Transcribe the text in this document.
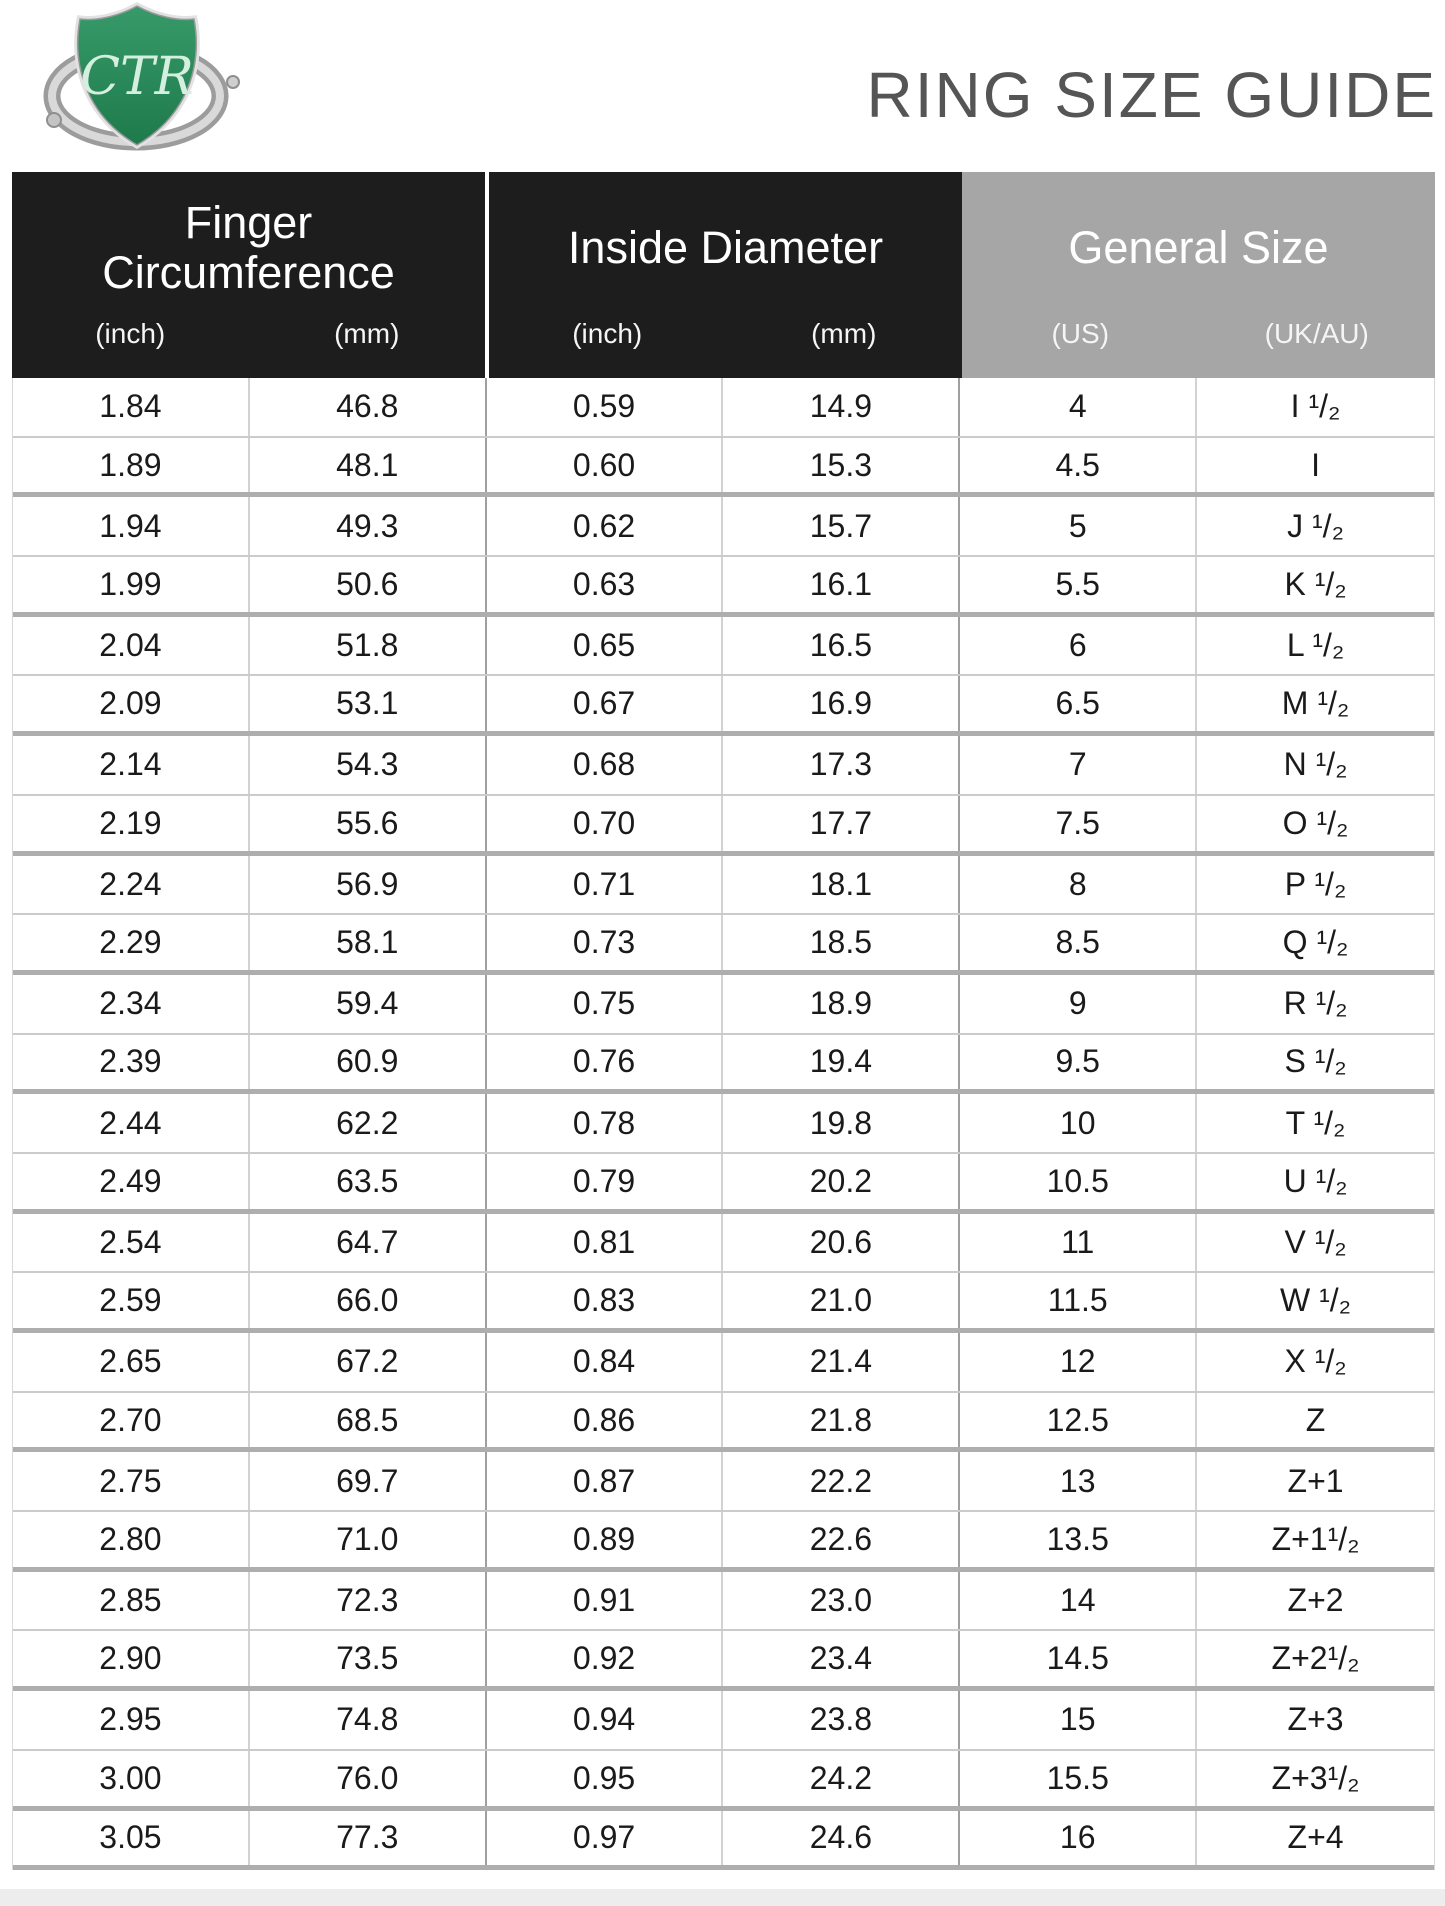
CTR	RING SIZE GUIDE
Finger Circumference
(inch)	(mm)
Inside Diameter
(inch)	(mm)
General Size
(US)	(UK/AU)
1.84	46.8	0.59	14.9	4	I ¹/₂
1.89	48.1	0.60	15.3	4.5	I
1.94	49.3	0.62	15.7	5	J ¹/₂
1.99	50.6	0.63	16.1	5.5	K ¹/₂
2.04	51.8	0.65	16.5	6	L ¹/₂
2.09	53.1	0.67	16.9	6.5	M ¹/₂
2.14	54.3	0.68	17.3	7	N ¹/₂
2.19	55.6	0.70	17.7	7.5	O ¹/₂
2.24	56.9	0.71	18.1	8	P ¹/₂
2.29	58.1	0.73	18.5	8.5	Q ¹/₂
2.34	59.4	0.75	18.9	9	R ¹/₂
2.39	60.9	0.76	19.4	9.5	S ¹/₂
2.44	62.2	0.78	19.8	10	T ¹/₂
2.49	63.5	0.79	20.2	10.5	U ¹/₂
2.54	64.7	0.81	20.6	11	V ¹/₂
2.59	66.0	0.83	21.0	11.5	W ¹/₂
2.65	67.2	0.84	21.4	12	X ¹/₂
2.70	68.5	0.86	21.8	12.5	Z
2.75	69.7	0.87	22.2	13	Z+1
2.80	71.0	0.89	22.6	13.5	Z+1¹/₂
2.85	72.3	0.91	23.0	14	Z+2
2.90	73.5	0.92	23.4	14.5	Z+2¹/₂
2.95	74.8	0.94	23.8	15	Z+3
3.00	76.0	0.95	24.2	15.5	Z+3¹/₂
3.05	77.3	0.97	24.6	16	Z+4
